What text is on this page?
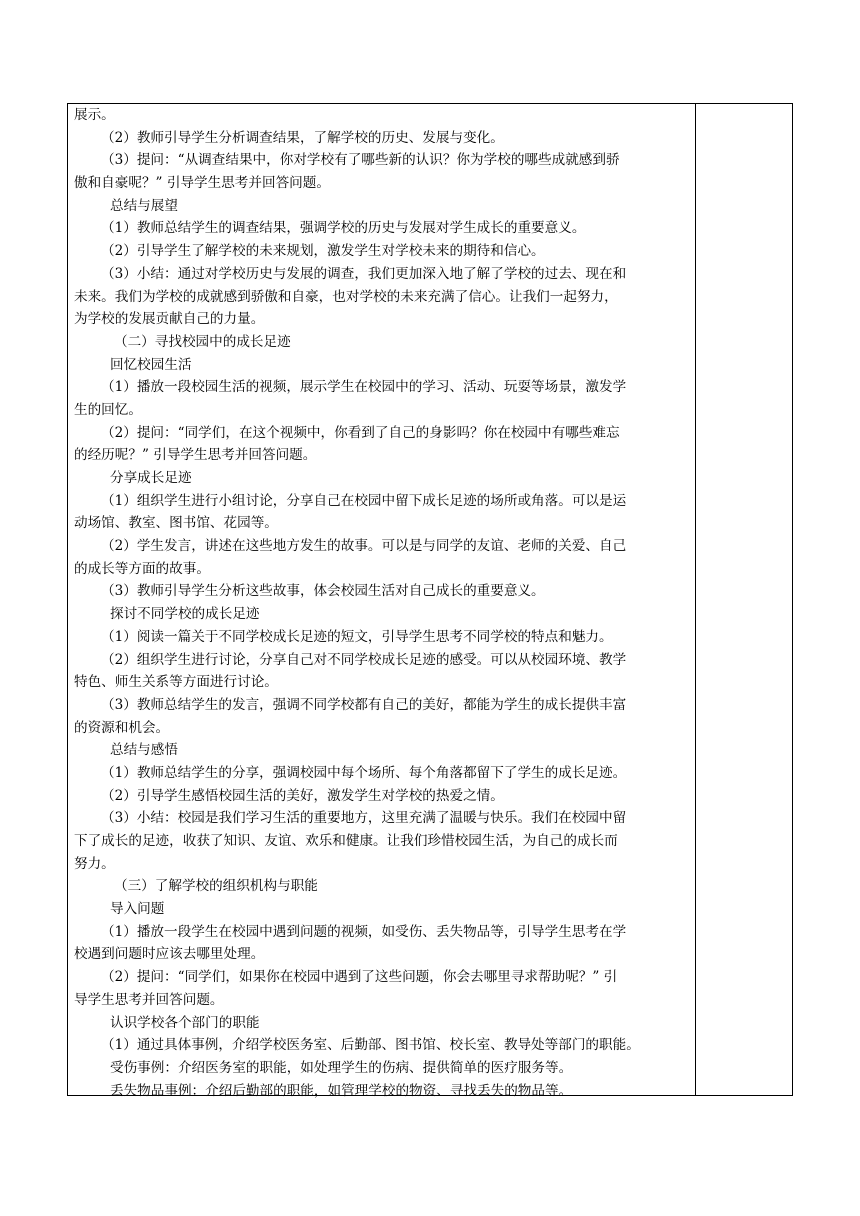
展示。
（2）教师引导学生分析调查结果，了解学校的历史、发展与变化。
（3）提问：“从调查结果中，你对学校有了哪些新的认识？你为学校的哪些成就感到骄
傲和自豪呢？” 引导学生思考并回答问题。
总结与展望
（1）教师总结学生的调查结果，强调学校的历史与发展对学生成长的重要意义。
（2）引导学生了解学校的未来规划，激发学生对学校未来的期待和信心。
（3）小结：通过对学校历史与发展的调查，我们更加深入地了解了学校的过去、现在和
未来。我们为学校的成就感到骄傲和自豪，也对学校的未来充满了信心。让我们一起努力，
为学校的发展贡献自己的力量。
（二）寻找校园中的成长足迹
回忆校园生活
（1）播放一段校园生活的视频，展示学生在校园中的学习、活动、玩耍等场景，激发学
生的回忆。
（2）提问：“同学们，在这个视频中，你看到了自己的身影吗？你在校园中有哪些难忘
的经历呢？” 引导学生思考并回答问题。
分享成长足迹
（1）组织学生进行小组讨论，分享自己在校园中留下成长足迹的场所或角落。可以是运
动场馆、教室、图书馆、花园等。
（2）学生发言，讲述在这些地方发生的故事。可以是与同学的友谊、老师的关爱、自己
的成长等方面的故事。
（3）教师引导学生分析这些故事，体会校园生活对自己成长的重要意义。
探讨不同学校的成长足迹
（1）阅读一篇关于不同学校成长足迹的短文，引导学生思考不同学校的特点和魅力。
（2）组织学生进行讨论，分享自己对不同学校成长足迹的感受。可以从校园环境、教学
特色、师生关系等方面进行讨论。
（3）教师总结学生的发言，强调不同学校都有自己的美好，都能为学生的成长提供丰富
的资源和机会。
总结与感悟
（1）教师总结学生的分享，强调校园中每个场所、每个角落都留下了学生的成长足迹。
（2）引导学生感悟校园生活的美好，激发学生对学校的热爱之情。
（3）小结：校园是我们学习生活的重要地方，这里充满了温暖与快乐。我们在校园中留
下了成长的足迹，收获了知识、友谊、欢乐和健康。让我们珍惜校园生活，为自己的成长而
努力。
（三）了解学校的组织机构与职能
导入问题
（1）播放一段学生在校园中遇到问题的视频，如受伤、丢失物品等，引导学生思考在学
校遇到问题时应该去哪里处理。
（2）提问：“同学们，如果你在校园中遇到了这些问题，你会去哪里寻求帮助呢？” 引
导学生思考并回答问题。
认识学校各个部门的职能
（1）通过具体事例，介绍学校医务室、后勤部、图书馆、校长室、教导处等部门的职能。
受伤事例：介绍医务室的职能，如处理学生的伤病、提供简单的医疗服务等。
丢失物品事例：介绍后勤部的职能，如管理学校的物资、寻找丢失的物品等。
